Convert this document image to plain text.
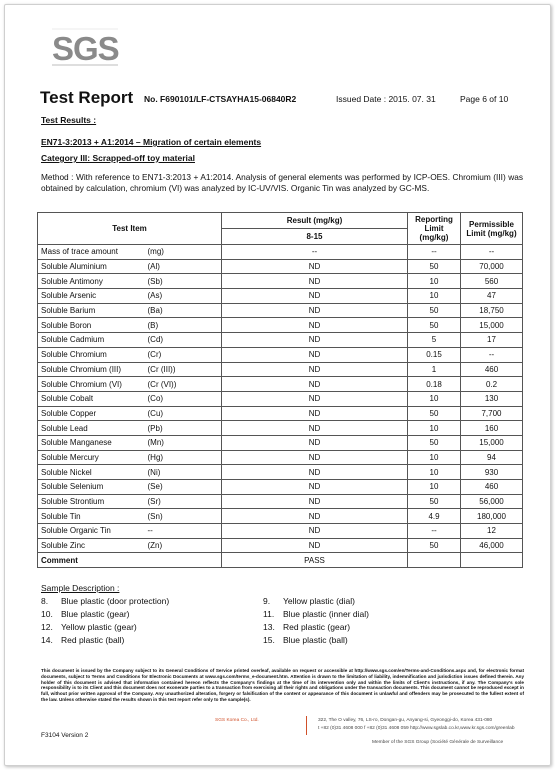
SGS
Test Report No. F690101/LF-CTSAYHA15-06840R2	Issued Date : 2015. 07. 31	Page 6 of 10
Test Results :
EN71-3:2013 + A1:2014 – Migration of certain elements
Category III: Scrapped-off toy material
Method : With reference to EN71-3:2013 + A1:2014. Analysis of general elements was performed by ICP-OES. Chromium (III) was obtained by calculation, chromium (VI) was analyzed by IC-UV/VIS. Organic Tin was analyzed by GC-MS.
Test Item		Result (mg/kg)	Reporting Limit (mg/kg)	Permissible Limit (mg/kg)
		8-15		
Mass of trace amount	(mg)	--	--	--
Soluble Aluminium	(Al)	ND	50	70,000
Soluble Antimony	(Sb)	ND	10	560
Soluble Arsenic	(As)	ND	10	47
Soluble Barium	(Ba)	ND	50	18,750
Soluble Boron	(B)	ND	50	15,000
Soluble Cadmium	(Cd)	ND	5	17
Soluble Chromium	(Cr)	ND	0.15	--
Soluble Chromium (III)	(Cr (III))	ND	1	460
Soluble Chromium (VI)	(Cr (VI))	ND	0.18	0.2
Soluble Cobalt	(Co)	ND	10	130
Soluble Copper	(Cu)	ND	50	7,700
Soluble Lead	(Pb)	ND	10	160
Soluble Manganese	(Mn)	ND	50	15,000
Soluble Mercury	(Hg)	ND	10	94
Soluble Nickel	(Ni)	ND	10	930
Soluble Selenium	(Se)	ND	10	460
Soluble Strontium	(Sr)	ND	50	56,000
Soluble Tin	(Sn)	ND	4.9	180,000
Soluble Organic Tin	--	ND	--	12
Soluble Zinc	(Zn)	ND	50	46,000
Comment		PASS		
Sample Description :
8. Blue plastic (door protection)	9. Yellow plastic (dial)
10. Blue plastic (gear)	11. Blue plastic (inner dial)
12. Yellow plastic (gear)	13. Red plastic (gear)
14. Red plastic (ball)	15. Blue plastic (ball)
This document is issued by the Company subject to its General Conditions of Service printed overleaf, available on request or accessible at http://www.sgs.com/en/Terms-and-Conditions.aspx and, for electronic format documents, subject to Terms and Conditions for Electronic Documents at www.sgs.com/terms_e-document.htm. Attention is drawn to the limitation of liability, indemnification and jurisdiction issues defined therein. Any holder of this document is advised that information contained hereon reflects the Company's findings at the time of its intervention only and within the limits of Client's instructions, if any. The Company's sole responsibility is to its Client and this document does not exonerate parties to a transaction from exercising all their rights and obligations under the transaction documents. This document cannot be reproduced except in full, without prior written approval of the Company. Any unauthorized alteration, forgery or falsification of the content or appearance of this document is unlawful and offenders may be prosecuted to the fullest extent of the law. Unless otherwise stated the results shown in this test report refer only to the sample(s).
SGS Korea Co., Ltd.	322, The O valley, 76, LS-ro, Dongan-gu, Anyang-si, Gyeonggi-do, Korea 431-080
t +82 (0)31 4608 000 f +82 (0)31 4608 059 http://www.sgslab.co.kr,www.kr.sgs.com/greenlab
F3104 Version 2
Member of the SGS Group (Société Générale de Surveillance
